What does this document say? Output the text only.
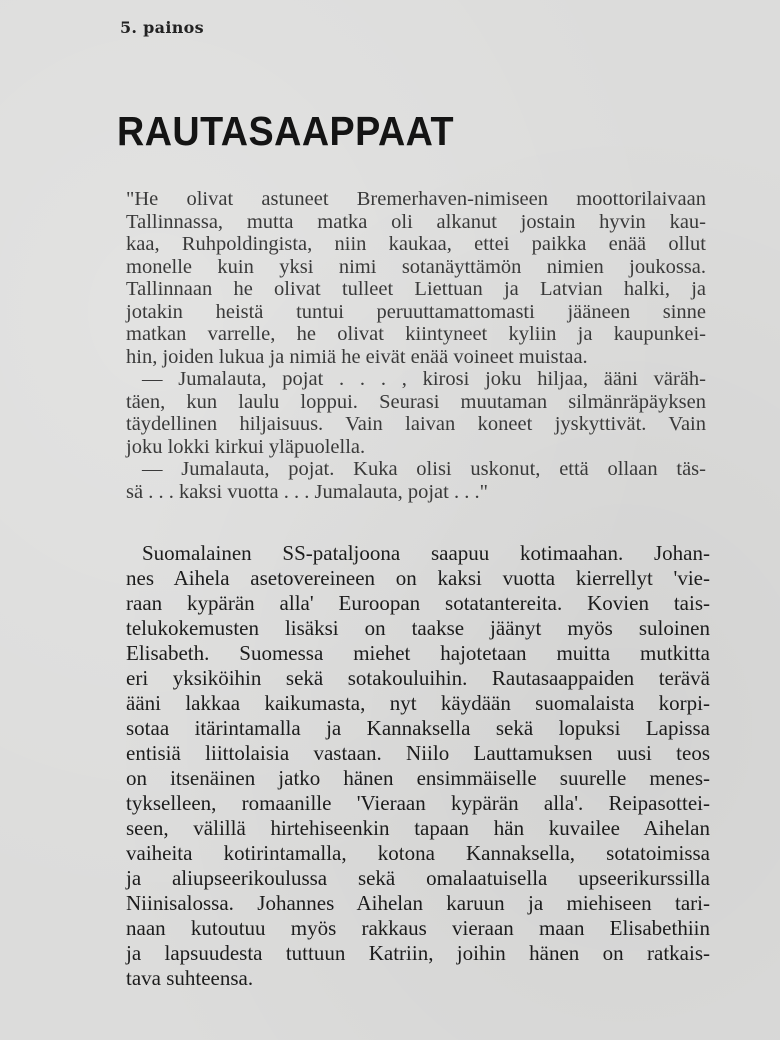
5. painos
RAUTASAAPPAAT
"He olivat astuneet Bremerhaven-nimiseen moottorilaivaan
Tallinnassa, mutta matka oli alkanut jostain hyvin kau-
kaa, Ruhpoldingista, niin kaukaa, ettei paikka enää ollut
monelle kuin yksi nimi sotanäyttämön nimien joukossa.
Tallinnaan he olivat tulleet Liettuan ja Latvian halki, ja
jotakin heistä tuntui peruuttamattomasti jääneen sinne
matkan varrelle, he olivat kiintyneet kyliin ja kaupunkei-
hin, joiden lukua ja nimiä he eivät enää voineet muistaa.
— Jumalauta, pojat . . . , kirosi joku hiljaa, ääni väräh-
täen, kun laulu loppui. Seurasi muutaman silmänräpäyksen
täydellinen hiljaisuus. Vain laivan koneet jyskyttivät. Vain
joku lokki kirkui yläpuolella.
— Jumalauta, pojat. Kuka olisi uskonut, että ollaan täs-
sä . . . kaksi vuotta . . . Jumalauta, pojat . . ."
Suomalainen SS-pataljoona saapuu kotimaahan. Johan-
nes Aihela asetovereineen on kaksi vuotta kierrellyt 'vie-
raan kypärän alla' Euroopan sotatantereita. Kovien tais-
telukokemusten lisäksi on taakse jäänyt myös suloinen
Elisabeth. Suomessa miehet hajotetaan muitta mutkitta
eri yksiköihin sekä sotakouluihin. Rautasaappaiden terävä
ääni lakkaa kaikumasta, nyt käydään suomalaista korpi-
sotaa itärintamalla ja Kannaksella sekä lopuksi Lapissa
entisiä liittolaisia vastaan. Niilo Lauttamuksen uusi teos
on itsenäinen jatko hänen ensimmäiselle suurelle menes-
tykselleen, romaanille 'Vieraan kypärän alla'. Reipasottei-
seen, välillä hirtehiseenkin tapaan hän kuvailee Aihelan
vaiheita kotirintamalla, kotona Kannaksella, sotatoimissa
ja aliupseerikoulussa sekä omalaatuisella upseerikurssilla
Niinisalossa. Johannes Aihelan karuun ja miehiseen tari-
naan kutoutuu myös rakkaus vieraan maan Elisabethiin
ja lapsuudesta tuttuun Katriin, joihin hänen on ratkais-
tava suhteensa.
